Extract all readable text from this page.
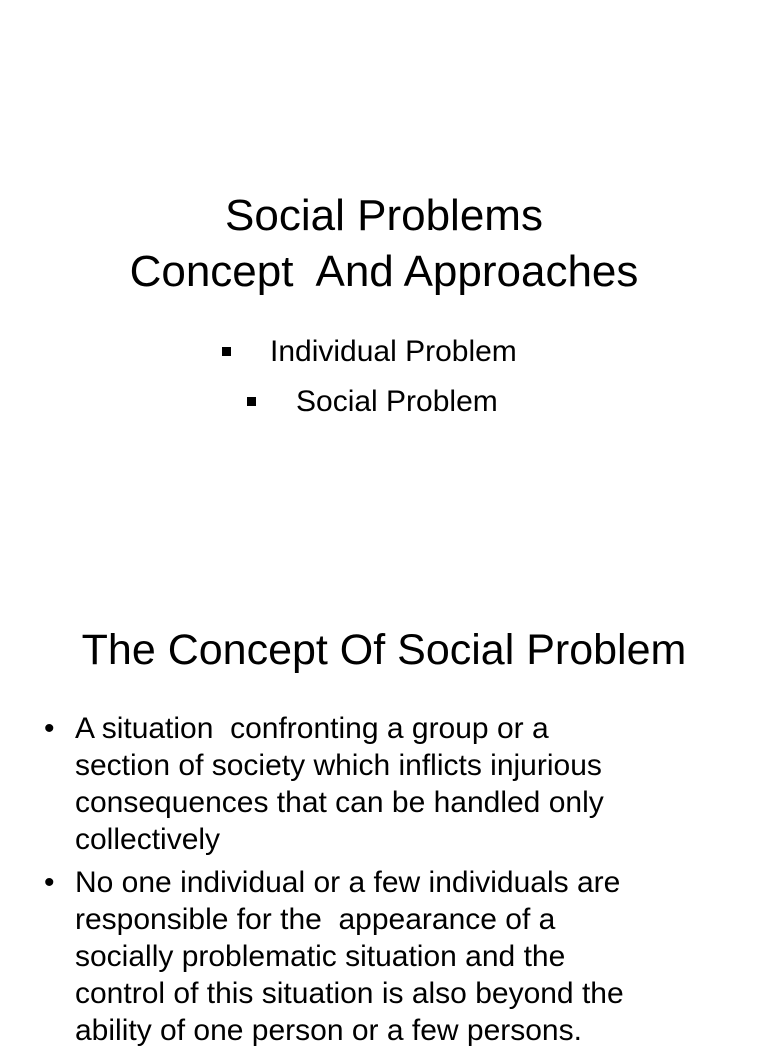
Social Problems
Concept  And Approaches
Individual Problem
Social Problem
The Concept Of Social Problem
• A situation  confronting a group or a
section of society which inflicts injurious
consequences that can be handled only
collectively
• No one individual or a few individuals are
responsible for the  appearance of a
socially problematic situation and the
control of this situation is also beyond the
ability of one person or a few persons.
